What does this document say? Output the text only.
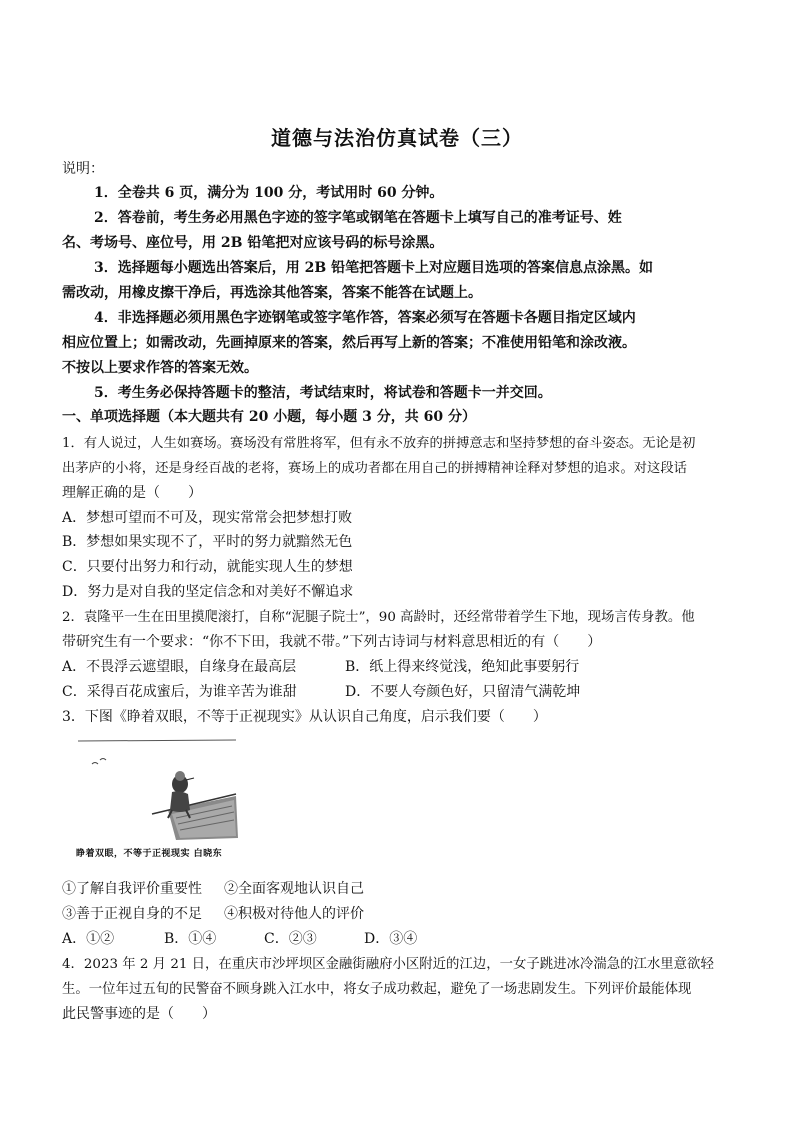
道德与法治仿真试卷（三）
说明：
1．全卷共 6 页，满分为 100 分，考试用时 60 分钟。
2．答卷前，考生务必用黑色字迹的签字笔或钢笔在答题卡上填写自己的准考证号、姓
名、考场号、座位号，用 2B 铅笔把对应该号码的标号涂黑。
3．选择题每小题选出答案后，用 2B 铅笔把答题卡上对应题目选项的答案信息点涂黑。如
需改动，用橡皮擦干净后，再选涂其他答案，答案不能答在试题上。
4．非选择题必须用黑色字迹钢笔或签字笔作答，答案必须写在答题卡各题目指定区域内
相应位置上；如需改动，先画掉原来的答案，然后再写上新的答案；不准使用铅笔和涂改液。
不按以上要求作答的答案无效。
5．考生务必保持答题卡的整洁，考试结束时，将试卷和答题卡一并交回。
一、单项选择题（本大题共有 20 小题，每小题 3 分，共 60 分）
1．有人说过，人生如赛场。赛场没有常胜将军，但有永不放弃的拼搏意志和坚持梦想的奋斗姿态。无论是初
出茅庐的小将，还是身经百战的老将，赛场上的成功者都在用自己的拼搏精神诠释对梦想的追求。对这段话
理解正确的是（　　）
A．梦想可望而不可及，现实常常会把梦想打败
B．梦想如果实现不了，平时的努力就黯然无色
C．只要付出努力和行动，就能实现人生的梦想
D．努力是对自我的坚定信念和对美好不懈追求
2．袁隆平一生在田里摸爬滚打，自称“泥腿子院士”，90 高龄时，还经常带着学生下地，现场言传身教。他
带研究生有一个要求：“你不下田，我就不带。”下列古诗词与材料意思相近的有（　　）
A．不畏浮云遮望眼，自缘身在最高层	B．纸上得来终觉浅，绝知此事要躬行
C．采得百花成蜜后，为谁辛苦为谁甜	D．不要人夸颜色好，只留清气满乾坤
3．下图《睁着双眼，不等于正视现实》从认识自己角度，启示我们要（　　）
睁着双眼，不等于正视现实 白晓东
①了解自我评价重要性 ②全面客观地认识自己
③善于正视自身的不足 ④积极对待他人的评价
A．①②	B．①④	C．②③	D．③④
4．2023 年 2 月 21 日，在重庆市沙坪坝区金融街融府小区附近的江边，一女子跳进冰冷湍急的江水里意欲轻
生。一位年过五旬的民警奋不顾身跳入江水中，将女子成功救起，避免了一场悲剧发生。下列评价最能体现
此民警事迹的是（　　）
